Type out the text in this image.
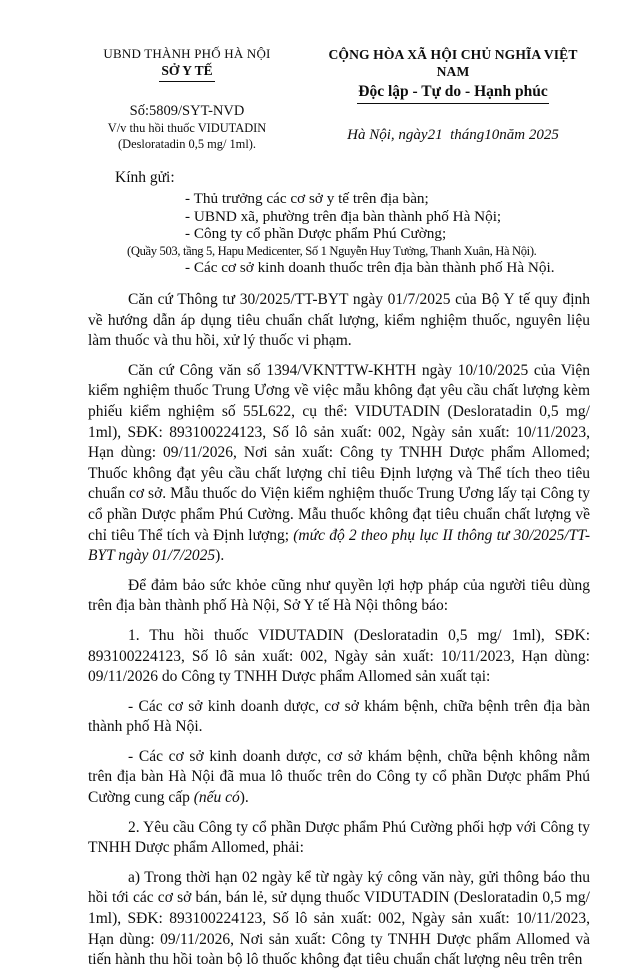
UBND THÀNH PHỐ HÀ NỘI
SỞ Y TẾ
Số:5809/SYT-NVD
V/v thu hồi thuốc VIDUTADIN
(Desloratadin 0,5 mg/ 1ml).
CỘNG HÒA XÃ HỘI CHỦ NGHĨA VIỆT NAM
Độc lập - Tự do - Hạnh phúc
Hà Nội, ngày21  tháng10năm 2025
Kính gửi:
- Thủ trưởng các cơ sở y tế trên địa bàn;
- UBND xã, phường trên địa bàn thành phố Hà Nội;
- Công ty cổ phần Dược phẩm Phú Cường;
(Quầy 503, tầng 5, Hapu Medicenter, Số 1 Nguyễn Huy Tưởng, Thanh Xuân, Hà Nội).
- Các cơ sở kinh doanh thuốc trên địa bàn thành phố Hà Nội.

Căn cứ Thông tư 30/2025/TT-BYT ngày 01/7/2025 của Bộ Y tế quy định về hướng dẫn áp dụng tiêu chuẩn chất lượng, kiểm nghiệm thuốc, nguyên liệu làm thuốc và thu hồi, xử lý thuốc vi phạm.

Căn cứ Công văn số 1394/VKNTTW-KHTH ngày 10/10/2025 của Viện kiểm nghiệm thuốc Trung Ương về việc mẫu không đạt yêu cầu chất lượng kèm phiếu kiểm nghiệm số 55L622, cụ thể: VIDUTADIN (Desloratadin 0,5 mg/ 1ml), SĐK: 893100224123, Số lô sản xuất: 002, Ngày sản xuất: 10/11/2023, Hạn dùng: 09/11/2026, Nơi sản xuất: Công ty TNHH Dược phẩm Allomed; Thuốc không đạt yêu cầu chất lượng chỉ tiêu Định lượng và Thể tích theo tiêu chuẩn cơ sở. Mẫu thuốc do Viện kiểm nghiệm thuốc Trung Ương lấy tại Công ty cổ phần Dược phẩm Phú Cường. Mẫu thuốc không đạt tiêu chuẩn chất lượng về chỉ tiêu Thể tích và Định lượng; (mức độ 2 theo phụ lục II thông tư 30/2025/TT-BYT ngày 01/7/2025).

Để đảm bảo sức khỏe cũng như quyền lợi hợp pháp của người tiêu dùng trên địa bàn thành phố Hà Nội, Sở Y tế Hà Nội thông báo:

1. Thu hồi thuốc VIDUTADIN (Desloratadin 0,5 mg/ 1ml), SĐK: 893100224123, Số lô sản xuất: 002, Ngày sản xuất: 10/11/2023, Hạn dùng: 09/11/2026 do Công ty TNHH Dược phẩm Allomed sản xuất tại:

- Các cơ sở kinh doanh dược, cơ sở khám bệnh, chữa bệnh trên địa bàn thành phố Hà Nội.

- Các cơ sở kinh doanh dược, cơ sở khám bệnh, chữa bệnh không nằm trên địa bàn Hà Nội đã mua lô thuốc trên do Công ty cổ phần Dược phẩm Phú Cường cung cấp (nếu có).

2. Yêu cầu Công ty cổ phần Dược phẩm Phú Cường phối hợp với Công ty TNHH Dược phẩm Allomed, phải:

a) Trong thời hạn 02 ngày kể từ ngày ký công văn này, gửi thông báo thu hồi tới các cơ sở bán, bán lẻ, sử dụng thuốc VIDUTADIN (Desloratadin 0,5 mg/ 1ml), SĐK: 893100224123, Số lô sản xuất: 002, Ngày sản xuất: 10/11/2023, Hạn dùng: 09/11/2026, Nơi sản xuất: Công ty TNHH Dược phẩm Allomed và tiến hành thu hồi toàn bộ lô thuốc không đạt tiêu chuẩn chất lượng nêu trên trên
